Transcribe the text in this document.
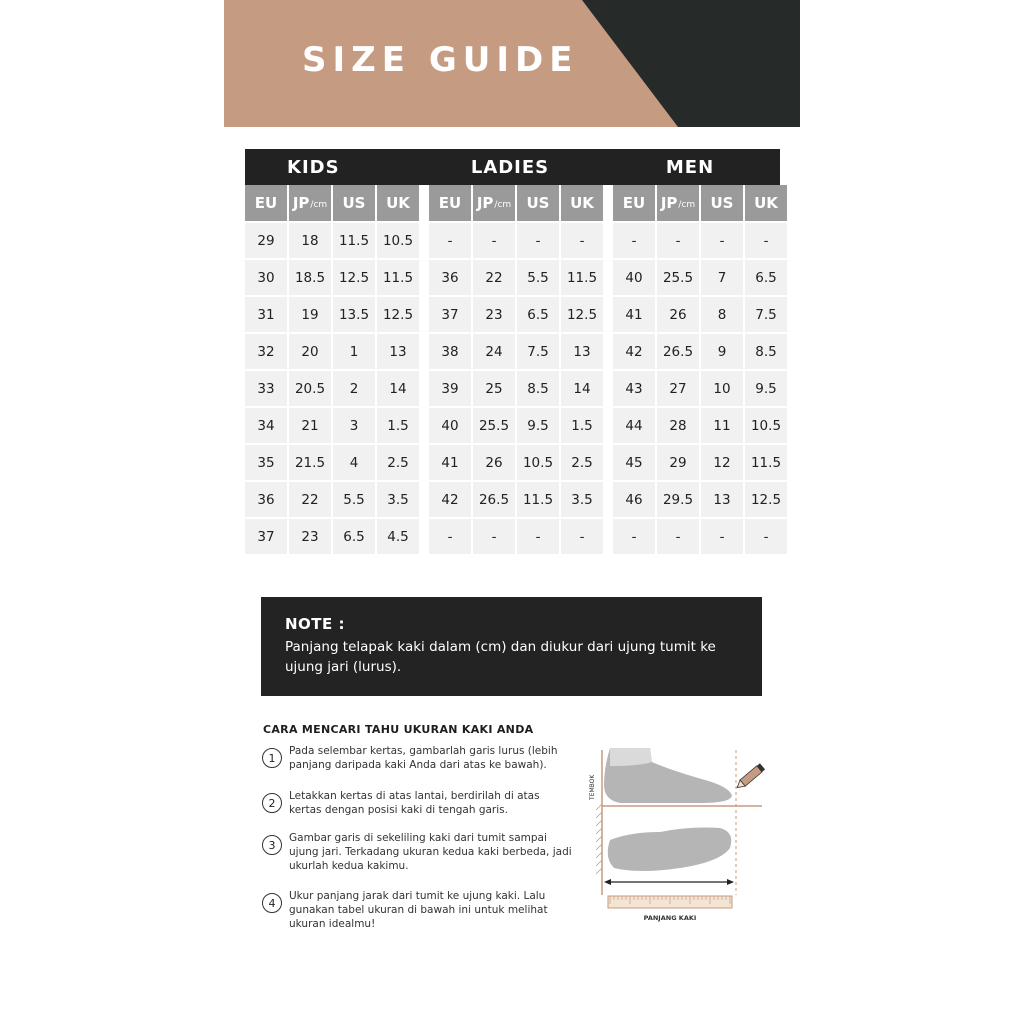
SIZE GUIDE
KIDS	LADIES	MEN
EU JP /cm US UK EU JP /cm US UK EU JP /cm US UK
29	18	11.5	10.5	-	-	-	-	-	-	-	-
30	18.5	12.5	11.5	36	22	5.5	11.5	40	25.5	7	6.5
31	19	13.5	12.5	37	23	6.5	12.5	41	26	8	7.5
32	20	1	13	38	24	7.5	13	42	26.5	9	8.5
33	20.5	2	14	39	25	8.5	14	43	27	10	9.5
34	21	3	1.5	40	25.5	9.5	1.5	44	28	11	10.5
35	21.5	4	2.5	41	26	10.5	2.5	45	29	12	11.5
36	22	5.5	3.5	42	26.5	11.5	3.5	46	29.5	13	12.5
37	23	6.5	4.5	-	-	-	-	-	-	-	-
NOTE :
Panjang telapak kaki dalam (cm) dan diukur dari ujung tumit ke ujung jari (lurus).
CARA MENCARI TAHU UKURAN KAKI ANDA
1
Pada selembar kertas, gambarlah garis lurus (lebih panjang daripada kaki Anda dari atas ke bawah).
2
Letakkan kertas di atas lantai, berdirilah di atas kertas dengan posisi kaki di tengah garis.
3
Gambar garis di sekeliling kaki dari tumit sampai ujung jari. Terkadang ukuran kedua kaki berbeda, jadi ukurlah kedua kakimu.
4
Ukur panjang jarak dari tumit ke ujung kaki. Lalu gunakan tabel ukuran di bawah ini untuk melihat ukuran idealmu!
TEMBOK
PANJANG KAKI
